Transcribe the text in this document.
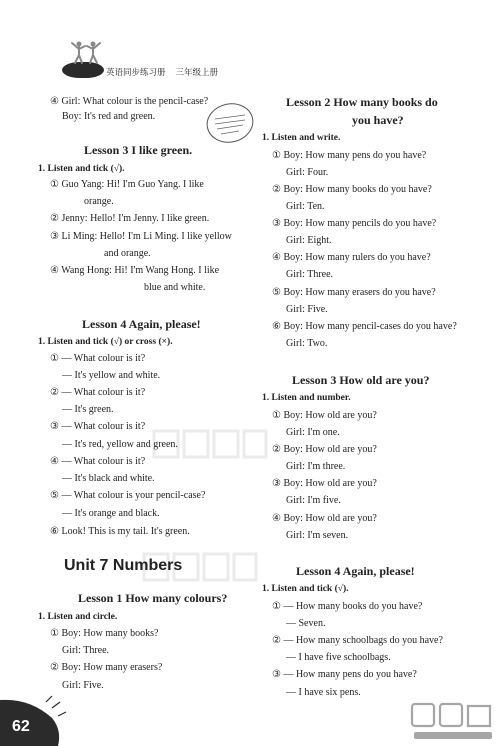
英语同步练习册 三年级上册
④ Girl: What colour is the pencil-case?
Boy: It's red and green.
Lesson 3 I like green.
1. Listen and tick (√).
① Guo Yang: Hi! I'm Guo Yang. I like
orange.
② Jenny: Hello! I'm Jenny. I like green.
③ Li Ming: Hello! I'm Li Ming. I like yellow
and orange.
④ Wang Hong: Hi! I'm Wang Hong. I like
blue and white.
Lesson 4 Again, please!
1. Listen and tick (√) or cross (×).
① — What colour is it?
— It's yellow and white.
② — What colour is it?
— It's green.
③ — What colour is it?
— It's red, yellow and green.
④ — What colour is it?
— It's black and white.
⑤ — What colour is your pencil-case?
— It's orange and black.
⑥ Look! This is my tail. It's green.
Unit 7 Numbers
Lesson 1 How many colours?
1. Listen and circle.
① Boy: How many books?
Girl: Three.
② Boy: How many erasers?
Girl: Five.
Lesson 2 How many books do
you have?
1. Listen and write.
① Boy: How many pens do you have?
Girl: Four.
② Boy: How many books do you have?
Girl: Ten.
③ Boy: How many pencils do you have?
Girl: Eight.
④ Boy: How many rulers do you have?
Girl: Three.
⑤ Boy: How many erasers do you have?
Girl: Five.
⑥ Boy: How many pencil-cases do you have?
Girl: Two.
Lesson 3 How old are you?
1. Listen and number.
① Boy: How old are you?
Girl: I'm one.
② Boy: How old are you?
Girl: I'm three.
③ Boy: How old are you?
Girl: I'm five.
④ Boy: How old are you?
Girl: I'm seven.
Lesson 4 Again, please!
1. Listen and tick (√).
① — How many books do you have?
— Seven.
② — How many schoolbags do you have?
— I have five schoolbags.
③ — How many pens do you have?
— I have six pens.
62
